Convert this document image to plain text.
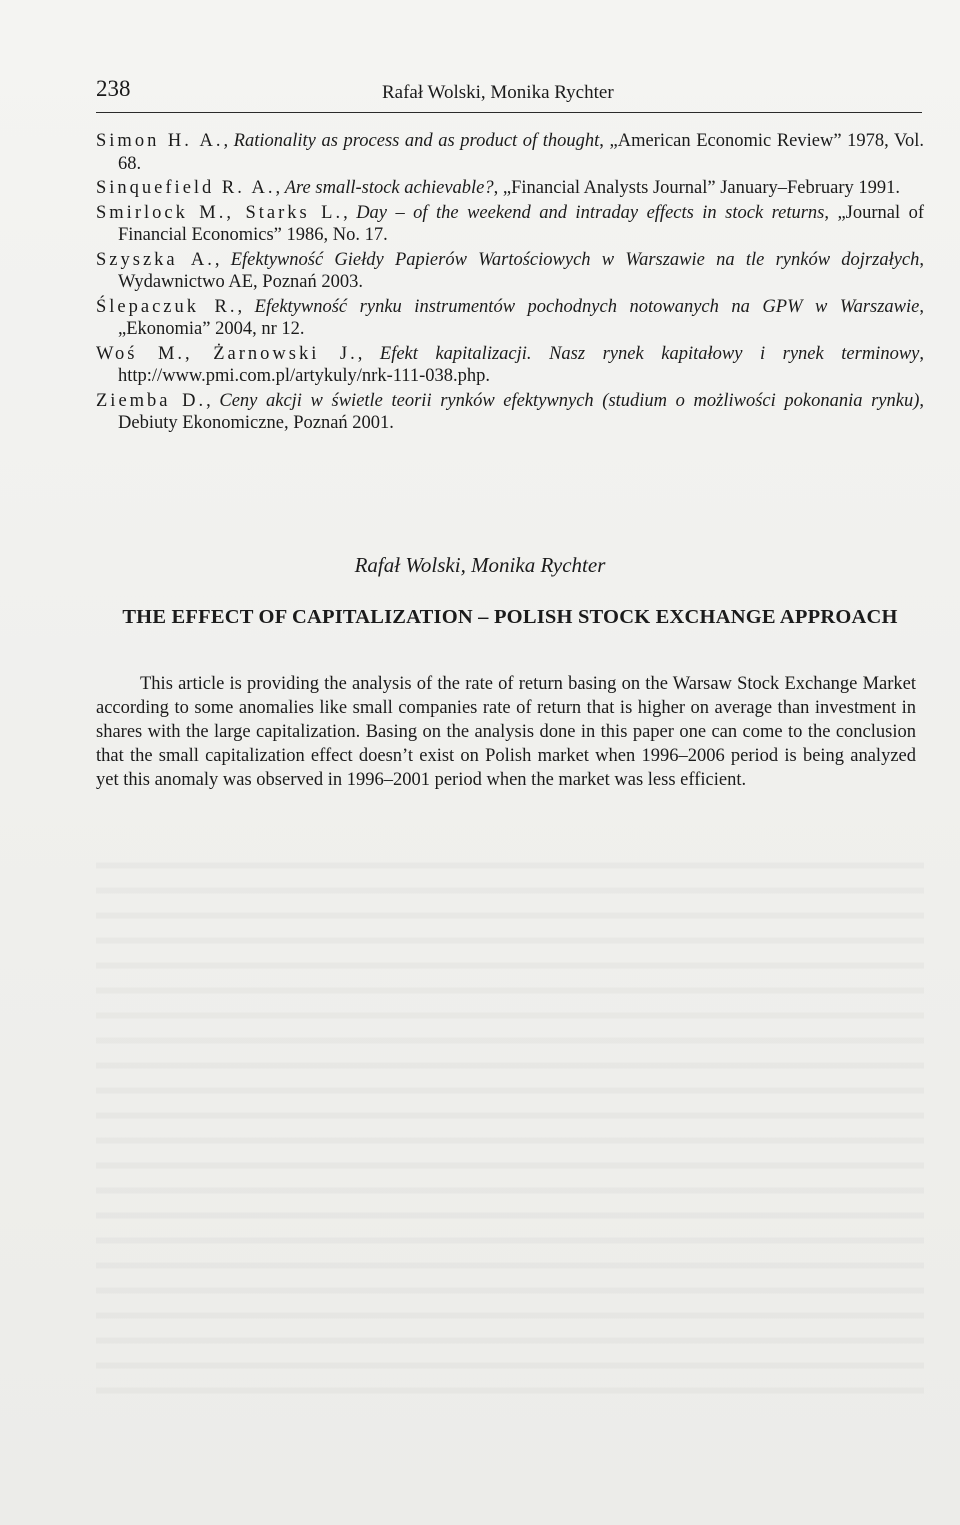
238	Rafał Wolski, Monika Rychter
Simon H. A., Rationality as process and as product of thought, „American Economic Review” 1978, Vol. 68.
Sinquefield R. A., Are small-stock achievable?, „Financial Analysts Journal” January–February 1991.
Smirlock M., Starks L., Day – of the weekend and intraday effects in stock returns, „Journal of Financial Economics” 1986, No. 17.
Szyszka A., Efektywność Giełdy Papierów Wartościowych w Warszawie na tle rynków dojrzałych, Wydawnictwo AE, Poznań 2003.
Ślepaczuk R., Efektywność rynku instrumentów pochodnych notowanych na GPW w Warszawie, „Ekonomia” 2004, nr 12.
Woś M., Żarnowski J., Efekt kapitalizacji. Nasz rynek kapitałowy i rynek terminowy, http://www.pmi.com.pl/artykuly/nrk-111-038.php.
Ziemba D., Ceny akcji w świetle teorii rynków efektywnych (studium o możliwości pokonania rynku), Debiuty Ekonomiczne, Poznań 2001.
Rafał Wolski, Monika Rychter
THE EFFECT OF CAPITALIZATION – POLISH STOCK EXCHANGE APPROACH

This article is providing the analysis of the rate of return basing on the Warsaw Stock Exchange Market according to some anomalies like small companies rate of return that is higher on average than investment in shares with the large capitalization. Basing on the analysis done in this paper one can come to the conclusion that the small capitalization effect doesn’t exist on Polish market when 1996–2006 period is being analyzed yet this anomaly was observed in 1996–2001 period when the market was less efficient.
